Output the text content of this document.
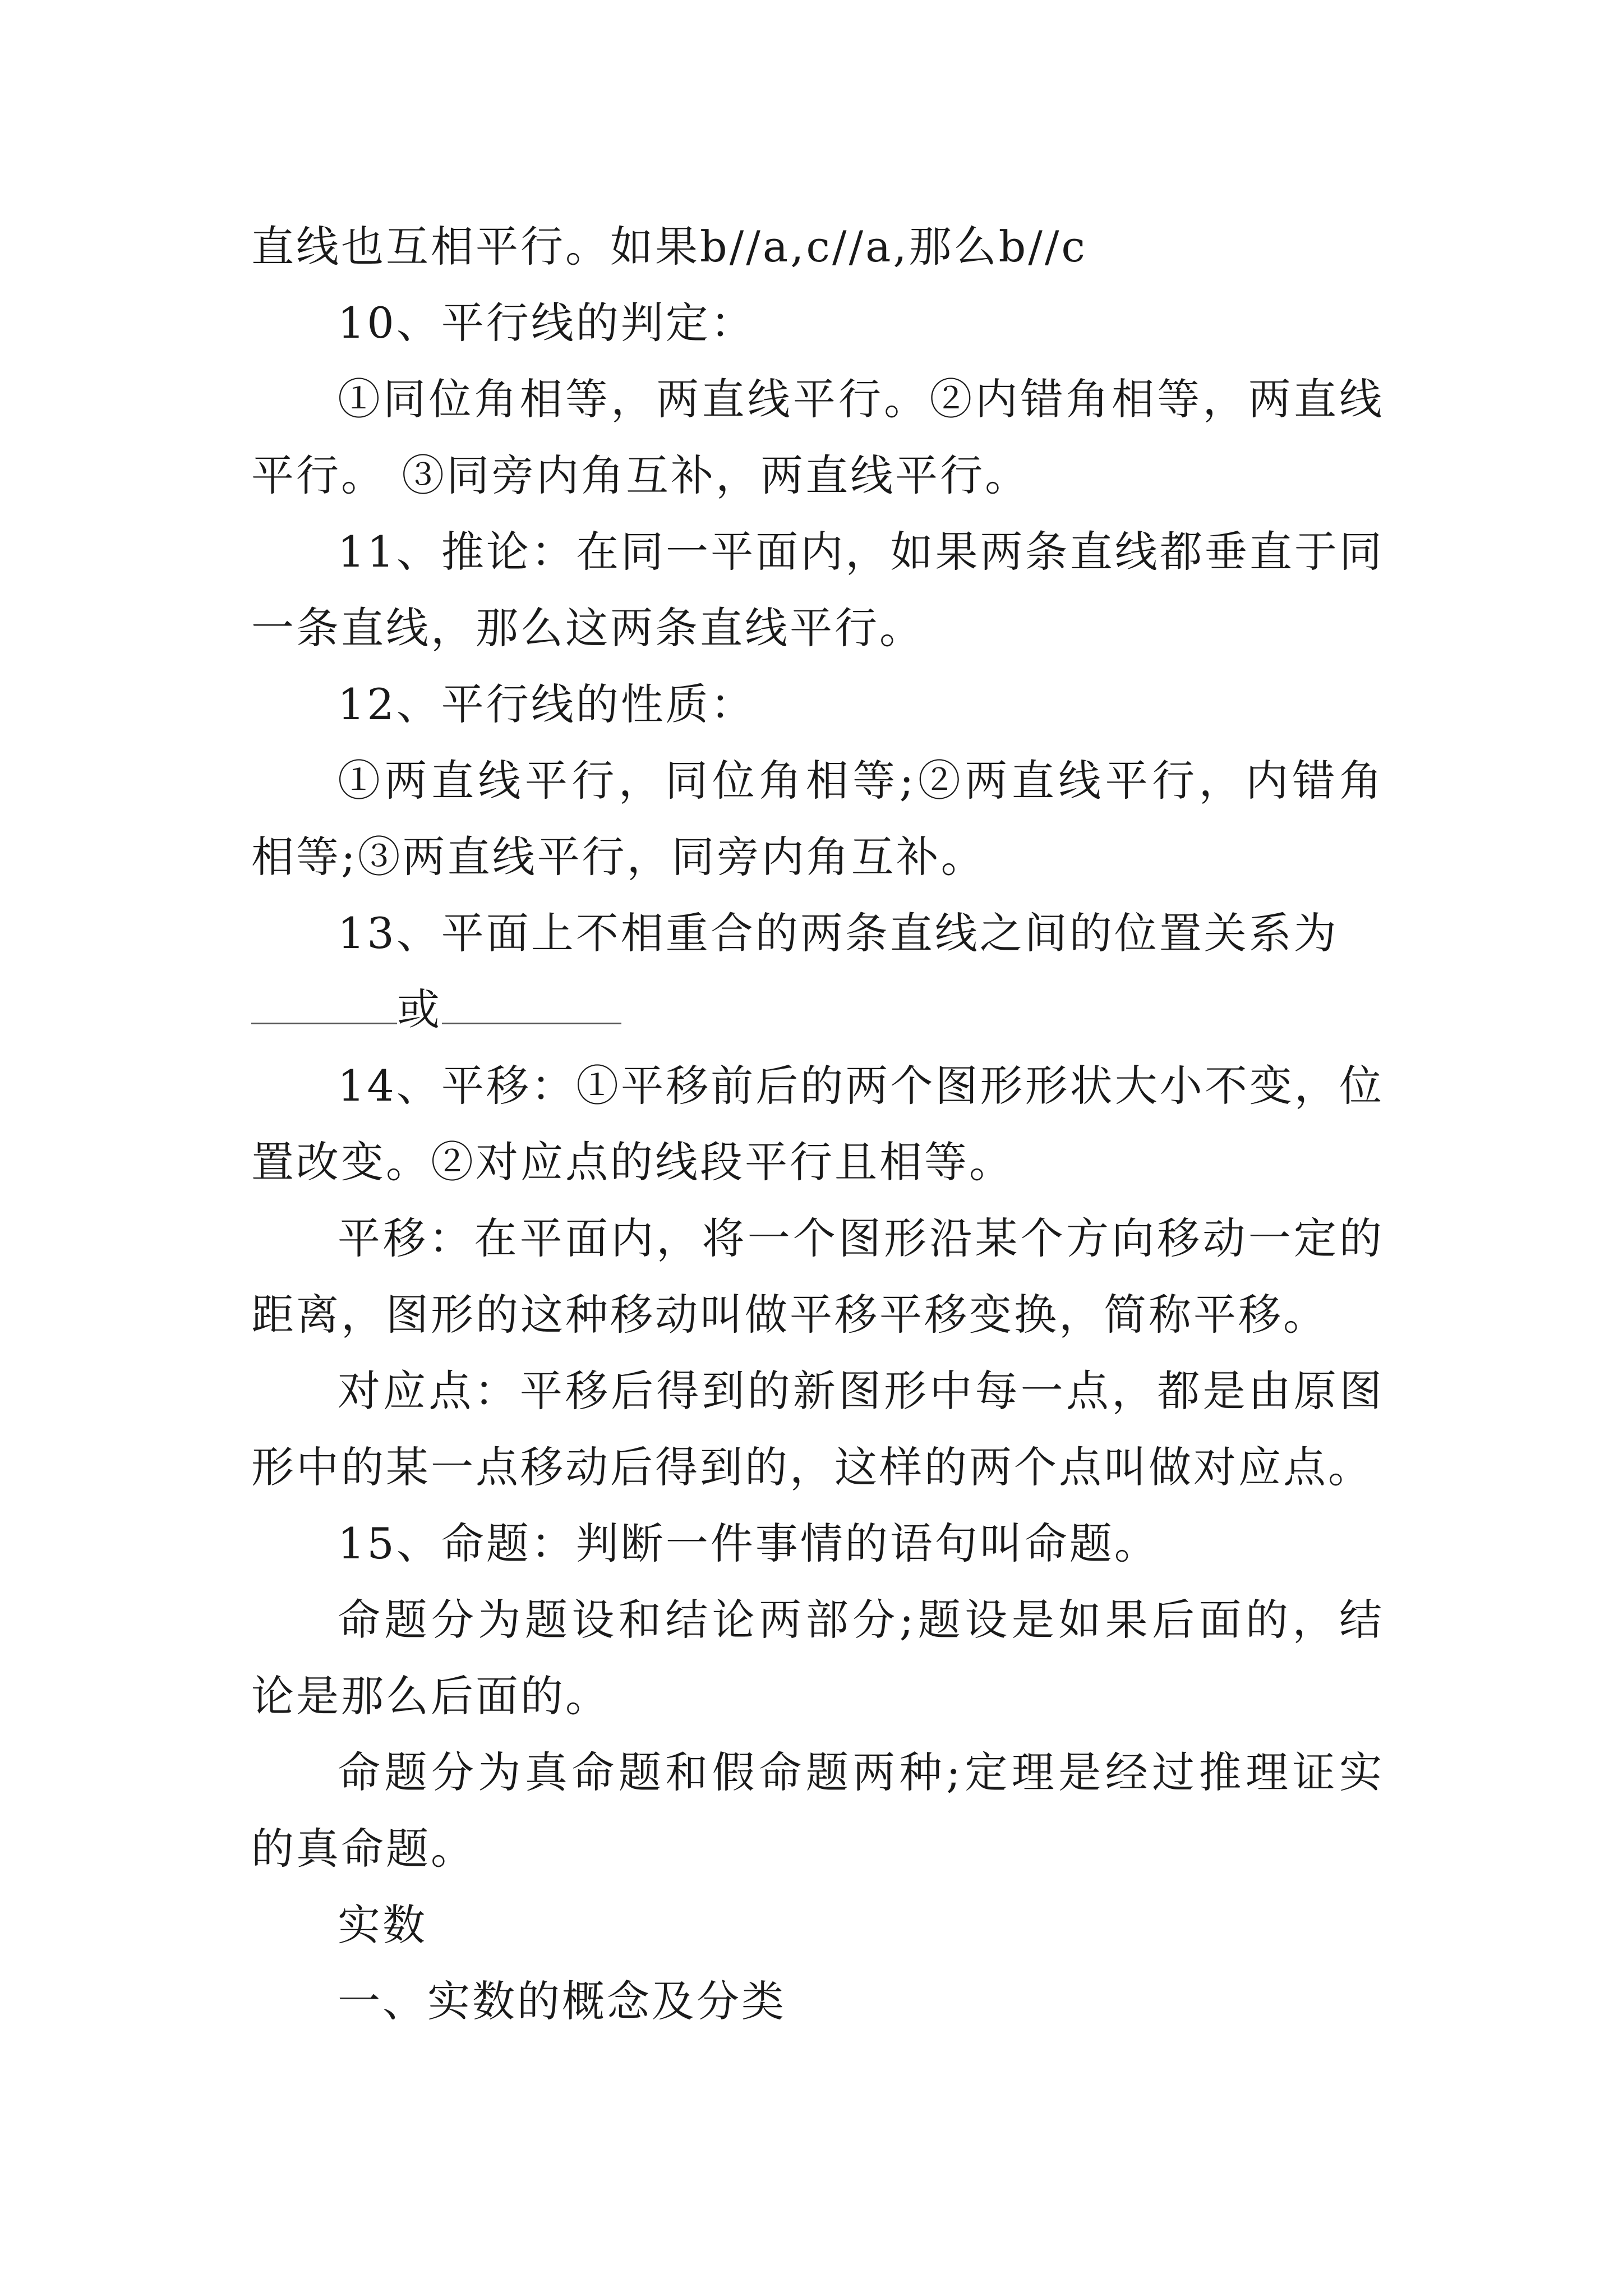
直线也互相平行。如果b//a,c//a,那么b//c

10、平行线的判定：

①同位角相等，两直线平行。②内错角相等，两直线平行。 ③同旁内角互补，两直线平行。

11、推论：在同一平面内，如果两条直线都垂直于同一条直线，那么这两条直线平行。

12、平行线的性质：

①两直线平行，同位角相等;②两直线平行，内错角相等;③两直线平行，同旁内角互补。

13、平面上不相重合的两条直线之间的位置关系为

或

14、平移：①平移前后的两个图形形状大小不变，位置改变。②对应点的线段平行且相等。

平移：在平面内，将一个图形沿某个方向移动一定的距离，图形的这种移动叫做平移平移变换，简称平移。

对应点：平移后得到的新图形中每一点，都是由原图形中的某一点移动后得到的，这样的两个点叫做对应点。

15、命题：判断一件事情的语句叫命题。

命题分为题设和结论两部分;题设是如果后面的，结论是那么后面的。

命题分为真命题和假命题两种;定理是经过推理证实的真命题。

实数

一、实数的概念及分类
